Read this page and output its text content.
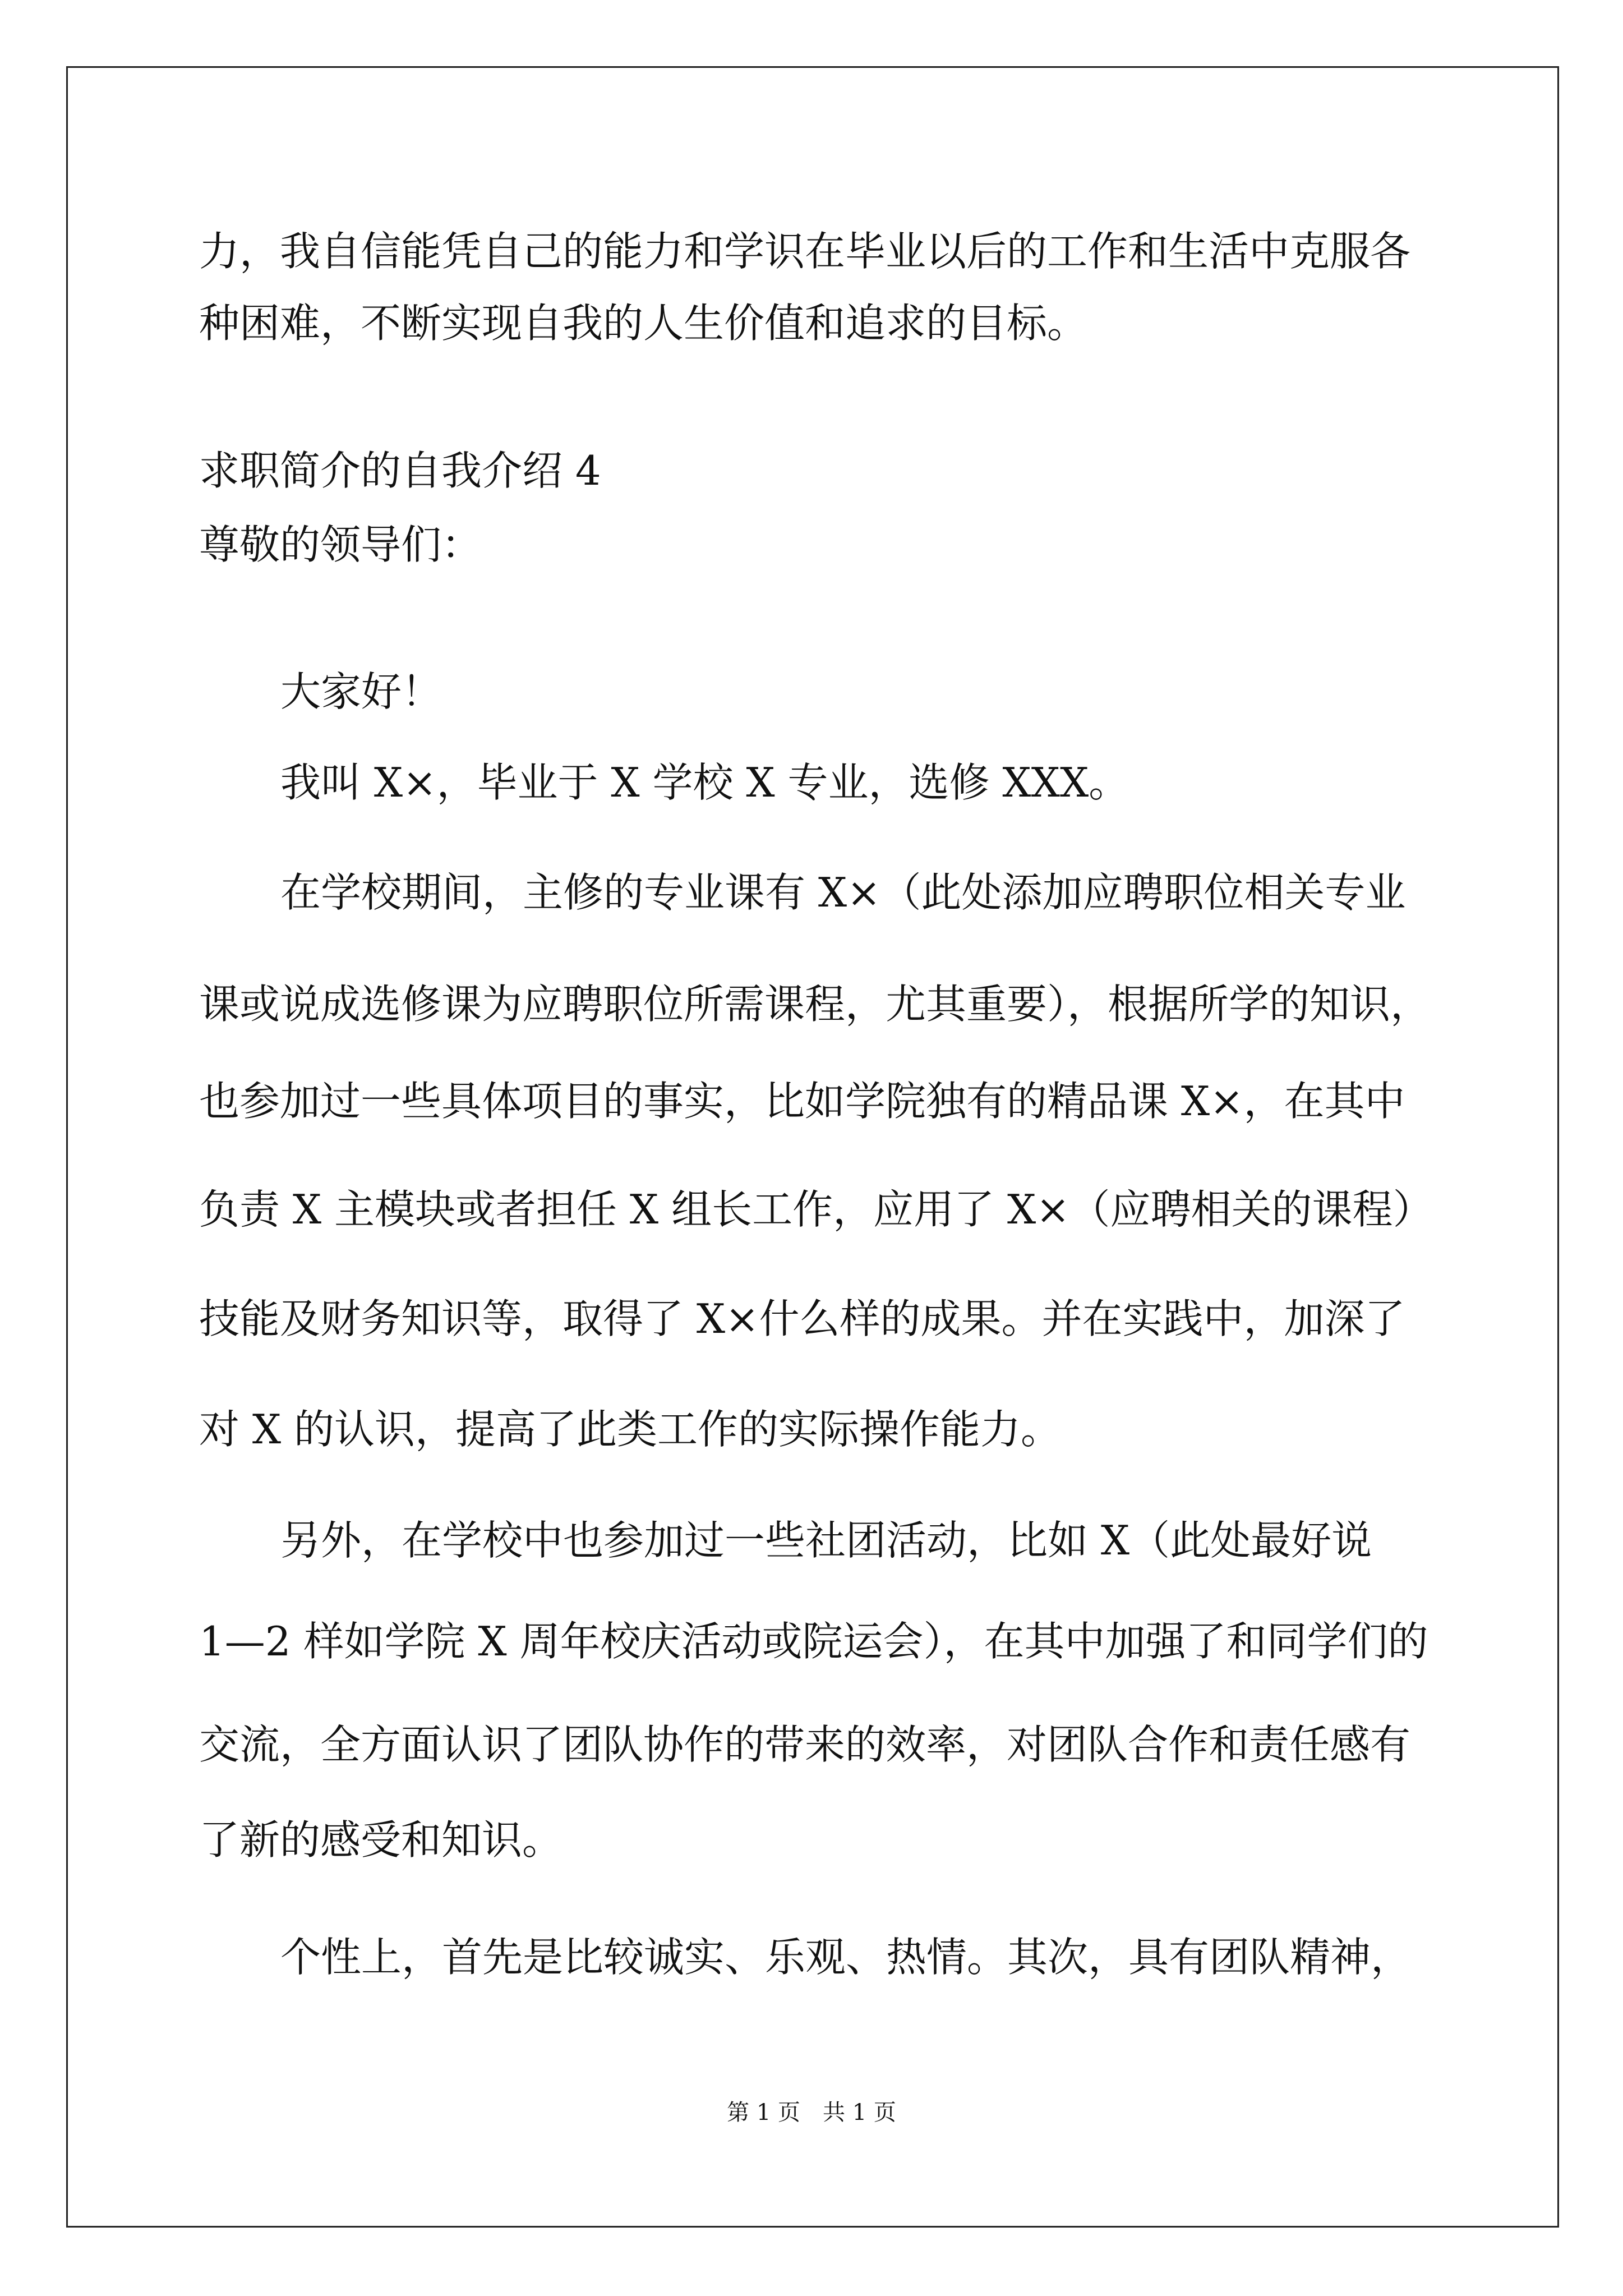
力，我自信能凭自己的能力和学识在毕业以后的工作和生活中克服各
种困难，不断实现自我的人生价值和追求的目标。
求职简介的自我介绍 4
尊敬的领导们：
大家好！
我叫 X×，毕业于 X 学校 X 专业，选修 XXX。
在学校期间，主修的专业课有 X×（此处添加应聘职位相关专业
课或说成选修课为应聘职位所需课程，尤其重要），根据所学的知识，
也参加过一些具体项目的事实，比如学院独有的精品课 X×，在其中
负责 X 主模块或者担任 X 组长工作，应用了 X×（应聘相关的课程）
技能及财务知识等，取得了 X×什么样的成果。并在实践中，加深了
对 X 的认识，提高了此类工作的实际操作能力。
另外，在学校中也参加过一些社团活动，比如 X（此处最好说
1—2 样如学院 X 周年校庆活动或院运会），在其中加强了和同学们的
交流，全方面认识了团队协作的带来的效率，对团队合作和责任感有
了新的感受和知识。
个性上，首先是比较诚实、乐观、热情。其次，具有团队精神，
第 1 页　共 1 页
